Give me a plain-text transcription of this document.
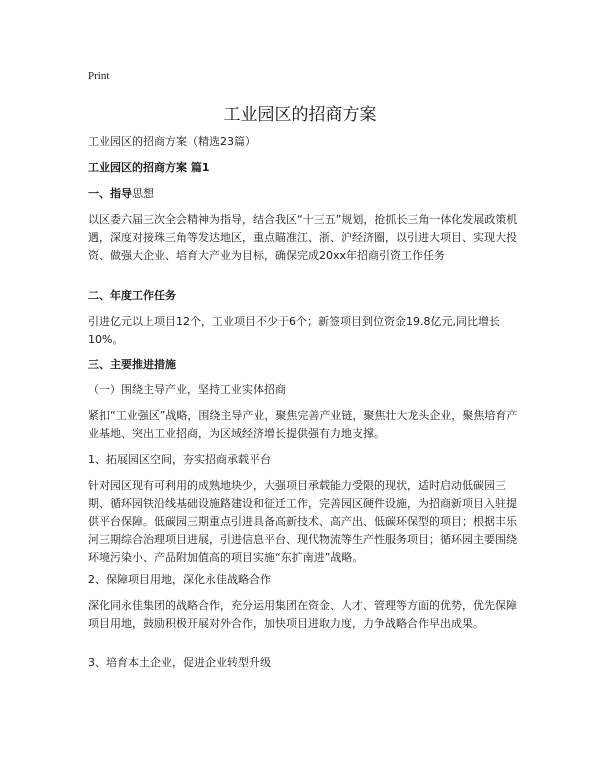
Print
工业园区的招商方案
工业园区的招商方案（精选23篇）
工业园区的招商方案 篇1
一、指导思想
以区委六届三次全会精神为指导，结合我区“十三五”规划，抢抓长三角一体化发展政策机遇，深度对接珠三角等发达地区，重点瞄准江、浙、沪经济圈，以引进大项目、实现大投资、做强大企业、培育大产业为目标，确保完成20xx年招商引资工作任务
二、年度工作任务
引进亿元以上项目12个，工业项目不少于6个；新签项目到位资金19.8亿元,同比增长10%。
三、主要推进措施
（一）围绕主导产业，坚持工业实体招商
紧扣“工业强区”战略，围绕主导产业，聚焦完善产业链，聚焦壮大龙头企业，聚焦培育产业基地、突出工业招商，为区域经济增长提供强有力地支撑。
1、拓展园区空间，夯实招商承载平台
针对园区现有可利用的成熟地块少，大强项目承载能力受限的现状，适时启动低碳园三期、循环园铁沿线基础设施路建设和征迁工作，完善园区硬件设施，为招商新项目入驻提供平台保障。低碳园三期重点引进具备高新技术、高产出、低碳环保型的项目；根据丰乐河三期综合治理项目进展，引进信息平台、现代物流等生产性服务项目；循环园主要围绕环境污染小、产品附加值高的项目实施“东扩南进”战略。
2、保障项目用地，深化永佳战略合作
深化同永佳集团的战略合作，充分运用集团在资金、人才、管理等方面的优势，优先保障项目用地，鼓励积极开展对外合作，加快项目进取力度，力争战略合作早出成果。
3、培育本土企业，促进企业转型升级
